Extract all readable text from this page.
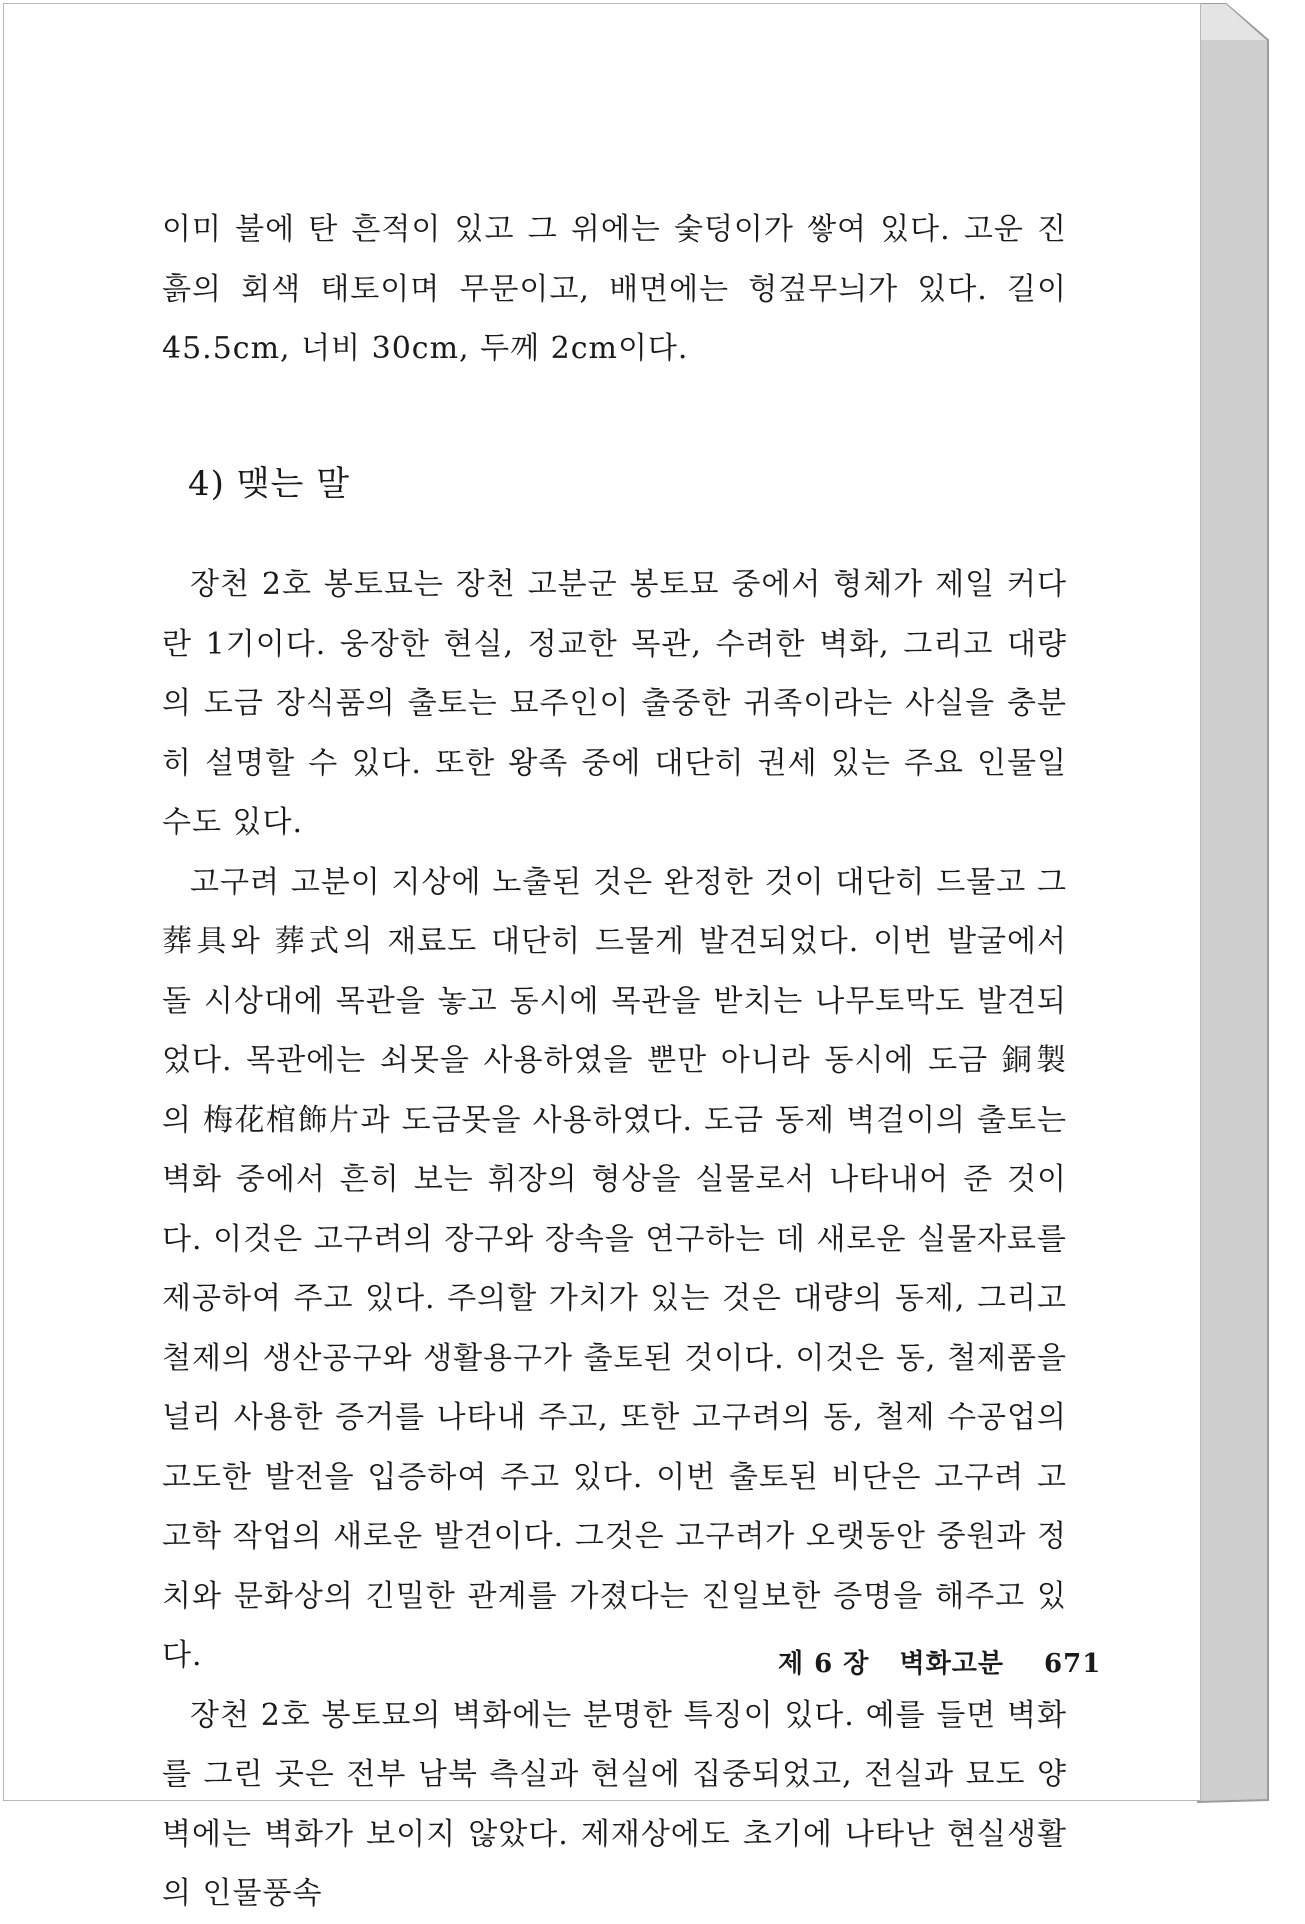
이미 불에 탄 흔적이 있고 그 위에는 숯덩이가 쌓여 있다. 고운 진흙의 회색 태토이며 무문이고, 배면에는 헝겊무늬가 있다. 길이 45.5cm, 너비 30cm, 두께 2cm이다.

4) 맺는 말

장천 2호 봉토묘는 장천 고분군 봉토묘 중에서 형체가 제일 커다란 1기이다. 웅장한 현실, 정교한 목관, 수려한 벽화, 그리고 대량의 도금 장식품의 출토는 묘주인이 출중한 귀족이라는 사실을 충분히 설명할 수 있다. 또한 왕족 중에 대단히 권세 있는 주요 인물일 수도 있다.

고구려 고분이 지상에 노출된 것은 완정한 것이 대단히 드물고 그 葬具와 葬式의 재료도 대단히 드물게 발견되었다. 이번 발굴에서 돌 시상대에 목관을 놓고 동시에 목관을 받치는 나무토막도 발견되었다. 목관에는 쇠못을 사용하였을 뿐만 아니라 동시에 도금 銅製의 梅花棺飾片과 도금못을 사용하였다. 도금 동제 벽걸이의 출토는 벽화 중에서 흔히 보는 휘장의 형상을 실물로서 나타내어 준 것이다. 이것은 고구려의 장구와 장속을 연구하는 데 새로운 실물자료를 제공하여 주고 있다. 주의할 가치가 있는 것은 대량의 동제, 그리고 철제의 생산공구와 생활용구가 출토된 것이다. 이것은 동, 철제품을 널리 사용한 증거를 나타내 주고, 또한 고구려의 동, 철제 수공업의 고도한 발전을 입증하여 주고 있다. 이번 출토된 비단은 고구려 고고학 작업의 새로운 발견이다. 그것은 고구려가 오랫동안 중원과 정치와 문화상의 긴밀한 관계를 가졌다는 진일보한 증명을 해주고 있다.

장천 2호 봉토묘의 벽화에는 분명한 특징이 있다. 예를 들면 벽화를 그린 곳은 전부 남북 측실과 현실에 집중되었고, 전실과 묘도 양벽에는 벽화가 보이지 않았다. 제재상에도 초기에 나타난 현실생활의 인물풍속

제 6 장 벽화고분 671
